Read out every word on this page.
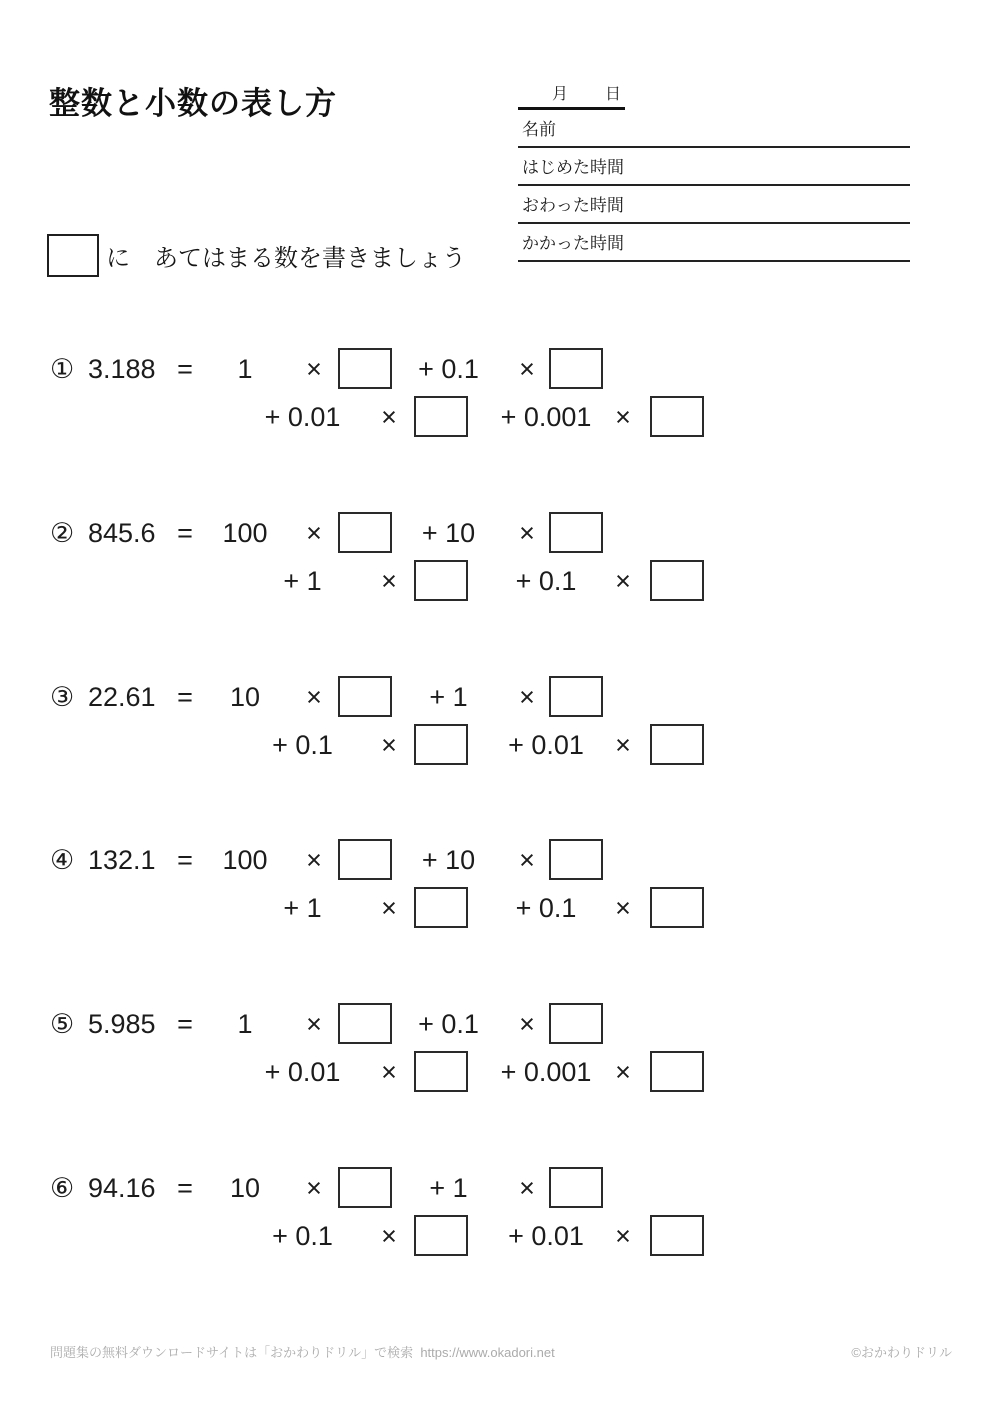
整数と小数の表し方	月 日
名前
はじめた時間
おわった時間
かかった時間
に　あてはまる数を書きましょう
① 3.188 =	1	×	+ 0.1	×
+ 0.01	×	+ 0.001 ×
② 845.6 =	100	×	+ 10	×
+ 1	×	+ 0.1	×
③ 22.61 =	10	×	+ 1	×
+ 0.1	×	+ 0.01	×
④ 132.1 =	100	×	+ 10	×
+ 1	×	+ 0.1	×
⑤ 5.985 =	1	×	+ 0.1	×
+ 0.01	×	+ 0.001 ×
⑥ 94.16 =	10	×	+ 1	×
+ 0.1	×	+ 0.01	×
問題集の無料ダウンロードサイトは「おかわりドリル」で検索  https://www.okadori.net	©おかわりドリル
